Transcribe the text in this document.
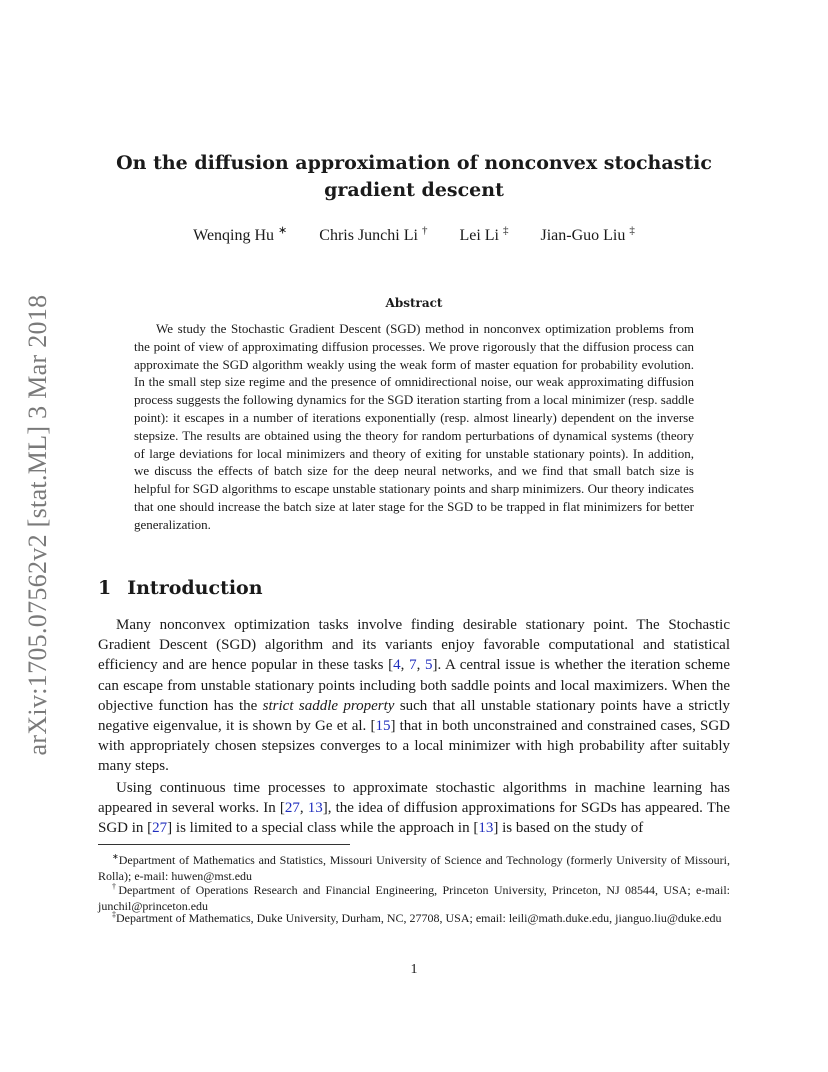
arXiv:1705.07562v2 [stat.ML] 3 Mar 2018
On the diffusion approximation of nonconvex stochastic gradient descent
Wenqing Hu ∗ Chris Junchi Li † Lei Li ‡ Jian-Guo Liu ‡
Abstract

We study the Stochastic Gradient Descent (SGD) method in nonconvex optimization problems from the point of view of approximating diffusion processes. We prove rigorously that the diffusion process can approximate the SGD algorithm weakly using the weak form of master equation for probability evolution. In the small step size regime and the presence of omnidirectional noise, our weak approximating diffusion process suggests the following dynamics for the SGD iteration starting from a local minimizer (resp. saddle point): it escapes in a number of iterations exponentially (resp. almost linearly) dependent on the inverse stepsize. The results are obtained using the theory for random perturbations of dynamical systems (theory of large deviations for local minimizers and theory of exiting for unstable stationary points). In addition, we discuss the effects of batch size for the deep neural networks, and we find that small batch size is helpful for SGD algorithms to escape unstable stationary points and sharp minimizers. Our theory indicates that one should increase the batch size at later stage for the SGD to be trapped in flat minimizers for better generalization.

1 Introduction

Many nonconvex optimization tasks involve finding desirable stationary point. The Stochastic Gradient Descent (SGD) algorithm and its variants enjoy favorable computational and statistical efficiency and are hence popular in these tasks [4, 7, 5]. A central issue is whether the iteration scheme can escape from unstable stationary points including both saddle points and local maximizers. When the objective function has the strict saddle property such that all unstable stationary points have a strictly negative eigenvalue, it is shown by Ge et al. [15] that in both unconstrained and constrained cases, SGD with appropriately chosen stepsizes converges to a local minimizer with high probability after suitably many steps.

Using continuous time processes to approximate stochastic algorithms in machine learning has appeared in several works. In [27, 13], the idea of diffusion approximations for SGDs has appeared. The SGD in [27] is limited to a special class while the approach in [13] is based on the study of

∗Department of Mathematics and Statistics, Missouri University of Science and Technology (formerly University of Missouri, Rolla); e-mail: huwen@mst.edu

†Department of Operations Research and Financial Engineering, Princeton University, Princeton, NJ 08544, USA; e-mail: junchil@princeton.edu

‡Department of Mathematics, Duke University, Durham, NC, 27708, USA; email: leili@math.duke.edu, jianguo.liu@duke.edu

1
